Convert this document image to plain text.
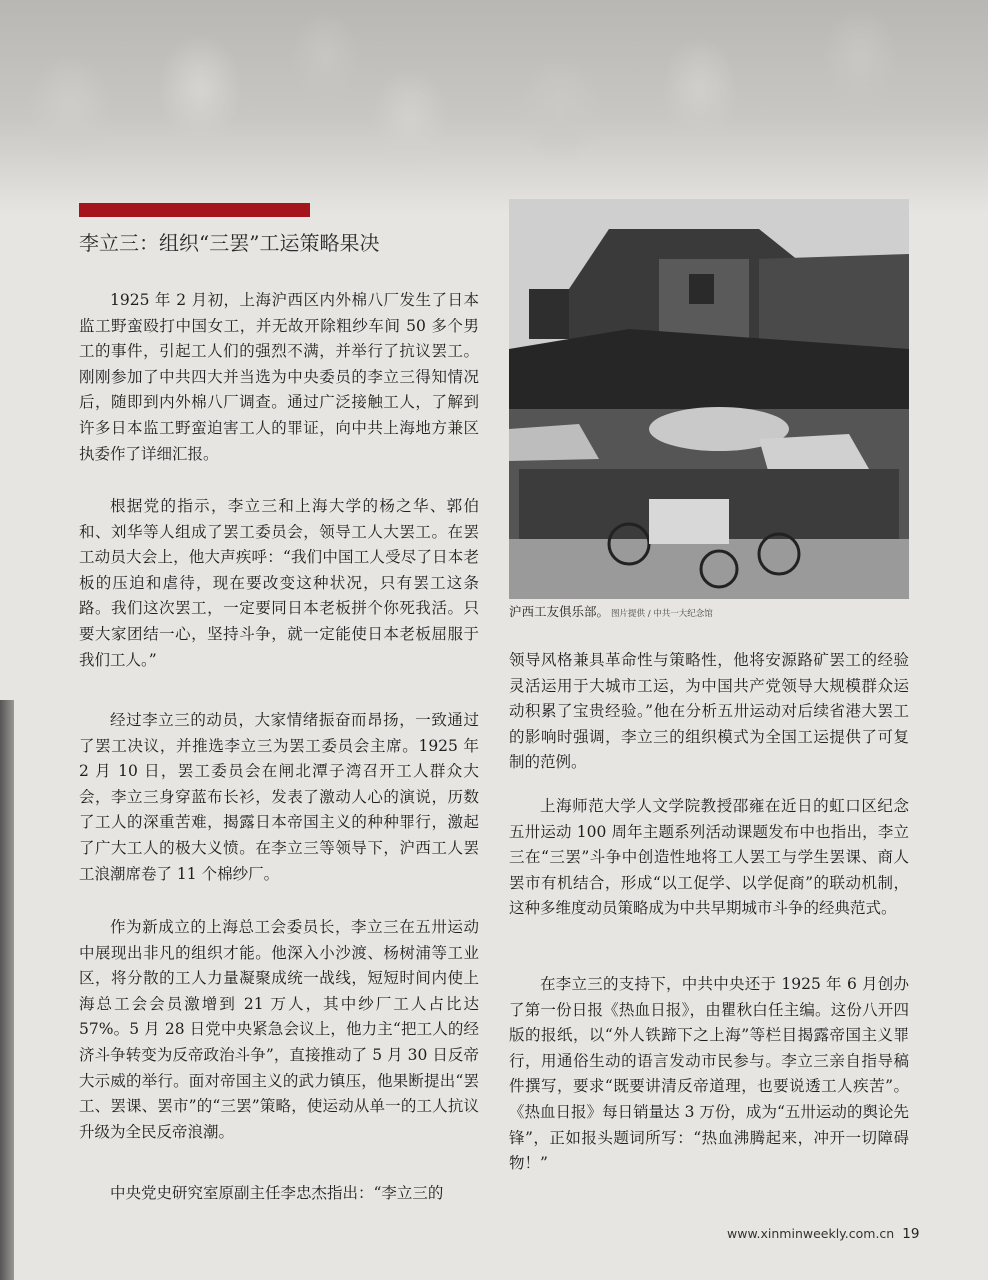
李立三：组织“三罢”工运策略果决

1925 年 2 月初，上海沪西区内外棉八厂发生了日本监工野蛮殴打中国女工，并无故开除粗纱车间 50 多个男工的事件，引起工人们的强烈不满，并举行了抗议罢工。刚刚参加了中共四大并当选为中央委员的李立三得知情况后，随即到内外棉八厂调查。通过广泛接触工人，了解到许多日本监工野蛮迫害工人的罪证，向中共上海地方兼区执委作了详细汇报。

根据党的指示，李立三和上海大学的杨之华、郭伯和、刘华等人组成了罢工委员会，领导工人大罢工。在罢工动员大会上，他大声疾呼：“我们中国工人受尽了日本老板的压迫和虐待，现在要改变这种状况，只有罢工这条路。我们这次罢工，一定要同日本老板拼个你死我活。只要大家团结一心，坚持斗争，就一定能使日本老板屈服于我们工人。”

经过李立三的动员，大家情绪振奋而昂扬，一致通过了罢工决议，并推选李立三为罢工委员会主席。1925 年 2 月 10 日，罢工委员会在闸北潭子湾召开工人群众大会，李立三身穿蓝布长衫，发表了激动人心的演说，历数了工人的深重苦难，揭露日本帝国主义的种种罪行，激起了广大工人的极大义愤。在李立三等领导下，沪西工人罢工浪潮席卷了 11 个棉纱厂。

作为新成立的上海总工会委员长，李立三在五卅运动中展现出非凡的组织才能。他深入小沙渡、杨树浦等工业区，将分散的工人力量凝聚成统一战线，短短时间内使上海总工会会员激增到 21 万人，其中纱厂工人占比达 57%。5 月 28 日党中央紧急会议上，他力主“把工人的经济斗争转变为反帝政治斗争”，直接推动了 5 月 30 日反帝大示威的举行。面对帝国主义的武力镇压，他果断提出“罢工、罢课、罢市”的“三罢”策略，使运动从单一的工人抗议升级为全民反帝浪潮。

中央党史研究室原副主任李忠杰指出：“李立三的

沪西工友俱乐部。 图片提供 / 中共一大纪念馆

领导风格兼具革命性与策略性，他将安源路矿罢工的经验灵活运用于大城市工运，为中国共产党领导大规模群众运动积累了宝贵经验。”他在分析五卅运动对后续省港大罢工的影响时强调，李立三的组织模式为全国工运提供了可复制的范例。

上海师范大学人文学院教授邵雍在近日的虹口区纪念五卅运动 100 周年主题系列活动课题发布中也指出，李立三在“三罢”斗争中创造性地将工人罢工与学生罢课、商人罢市有机结合，形成“以工促学、以学促商”的联动机制，这种多维度动员策略成为中共早期城市斗争的经典范式。

在李立三的支持下，中共中央还于 1925 年 6 月创办了第一份日报《热血日报》，由瞿秋白任主编。这份八开四版的报纸，以“外人铁蹄下之上海”等栏目揭露帝国主义罪行，用通俗生动的语言发动市民参与。李立三亲自指导稿件撰写，要求“既要讲清反帝道理，也要说透工人疾苦”。《热血日报》每日销量达 3 万份，成为“五卅运动的舆论先锋”，正如报头题词所写：“热血沸腾起来，冲开一切障碍物！”

www.xinminweekly.com.cn 19
